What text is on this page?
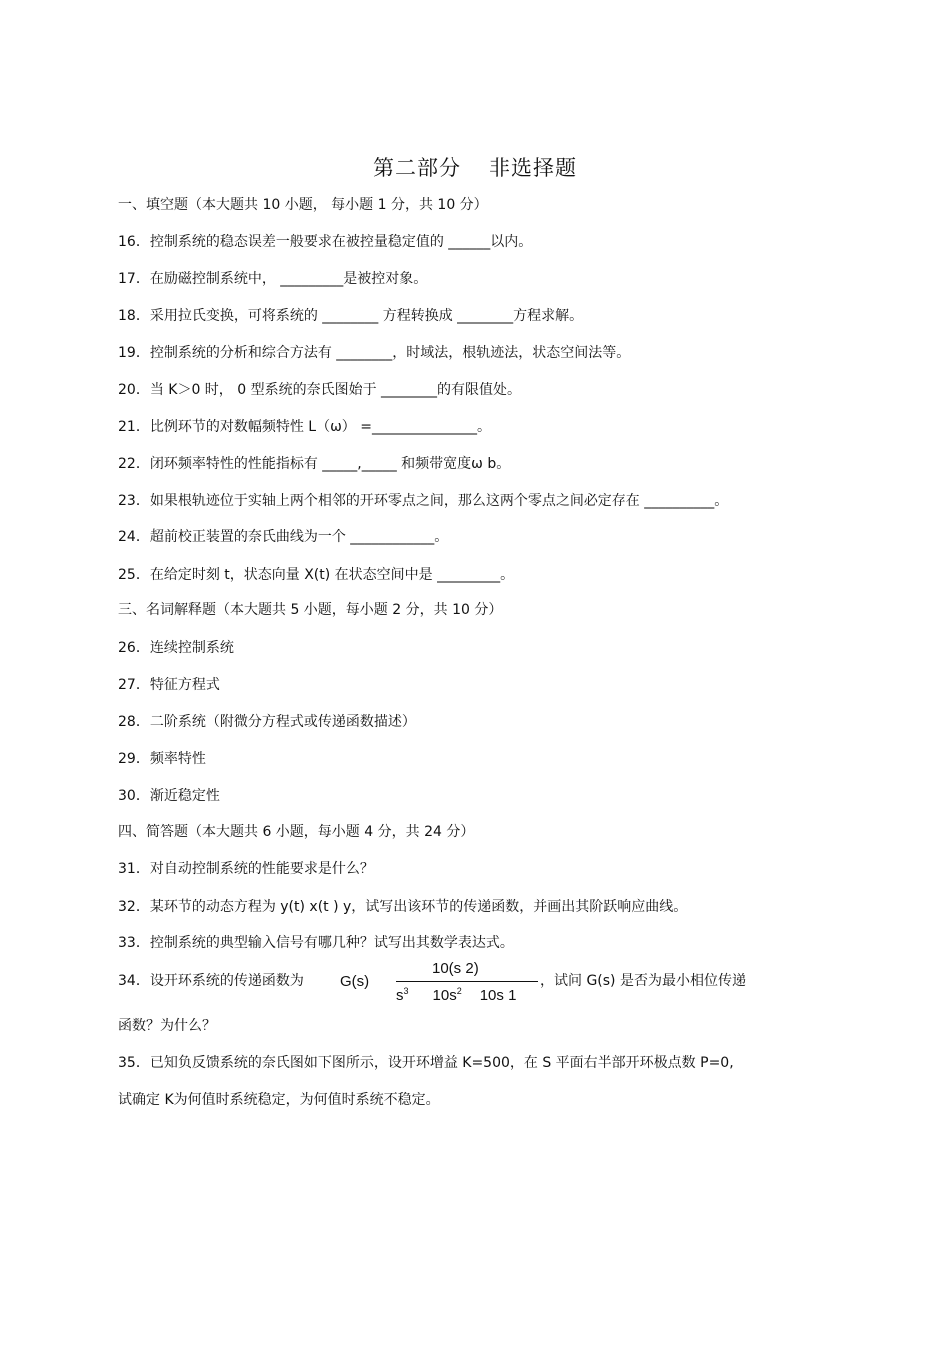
第二部分 非选择题
一、填空题（本大题共 10 小题， 每小题 1 分，共 10 分）
16．控制系统的稳态误差一般要求在被控量稳定值的 ______以内。
17．在励磁控制系统中， _________是被控对象。
18．采用拉氏变换，可将系统的 ________ 方程转换成 ________方程求解。
19．控制系统的分析和综合方法有 ________，时域法，根轨迹法，状态空间法等。
20．当 K＞0 时， 0 型系统的奈氏图始于 ________的有限值处。
21．比例环节的对数幅频特性 L（ω） =_______________。
22．闭环频率特性的性能指标有 _____,_____ 和频带宽度ω b。
23．如果根轨迹位于实轴上两个相邻的开环零点之间，那么这两个零点之间必定存在 __________。
24．超前校正装置的奈氏曲线为一个 ____________。
25．在给定时刻 t，状态向量 X(t) 在状态空间中是 _________。
三、名词解释题（本大题共 5 小题，每小题 2 分，共 10 分）
26．连续控制系统
27．特征方程式
28．二阶系统（附微分方程式或传递函数描述）
29．频率特性
30．渐近稳定性
四、简答题（本大题共 6 小题，每小题 4 分，共 24 分）
31．对自动控制系统的性能要求是什么？
32．某环节的动态方程为 y(t) x(t ) y，试写出该环节的传递函数，并画出其阶跃响应曲线。
33．控制系统的典型输入信号有哪几种？试写出其数学表达式。
34．设开环系统的传递函数为 G(s)
10(s 2)
$s^3$ $10s^2$ 10s 1
，试问 G(s) 是否为最小相位传递
函数？为什么？
35．已知负反馈系统的奈氏图如下图所示，设开环增益 K=500，在 S 平面右半部开环极点数 P=0,
试确定 K为何值时系统稳定，为何值时系统不稳定。
